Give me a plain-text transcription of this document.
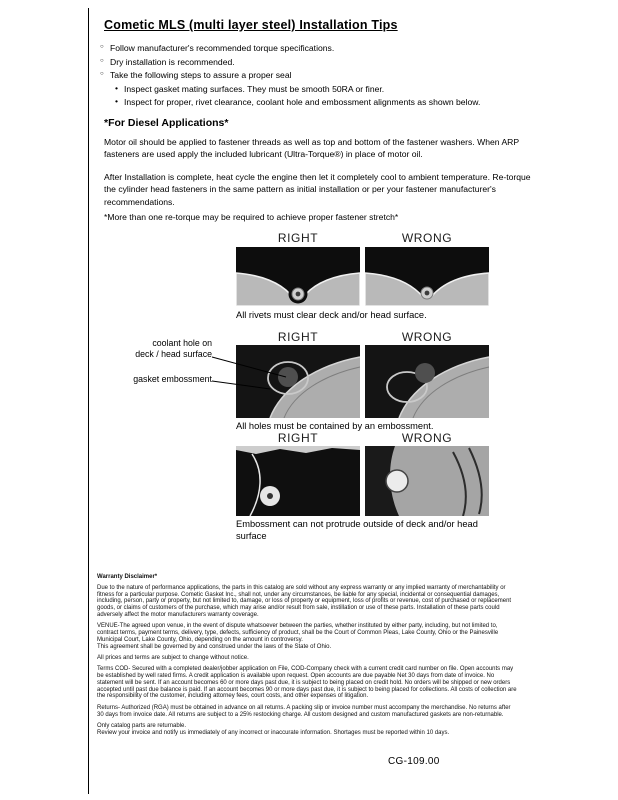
Cometic MLS (multi layer steel) Installation Tips
○ Follow manufacturer's recommended torque specifications.
○ Dry installation is recommended.
○ Take the following steps to assure a proper seal
• Inspect gasket mating surfaces. They must be smooth 50RA or finer.
• Inspect for proper, rivet clearance, coolant hole and embossment alignments as shown below.
*For Diesel Applications*
Motor oil should be applied to fastener threads as well as top and bottom of the fastener washers. When ARP fasteners are used apply the included lubricant (Ultra-Torque®) in place of motor oil.
After Installation is complete, heat cycle the engine then let it completely cool to ambient temperature. Re-torque the cylinder head fasteners in the same pattern as initial installation or per your fastener manufacturer's recommendations.
*More than one re-torque may be required to achieve proper fastener stretch*
RIGHT	WRONG
All rivets must clear deck and/or head surface.
RIGHT	WRONG
coolant hole on
deck / head surface
gasket embossment
All holes must be contained by an embossment.
RIGHT	WRONG
Embossment can not protrude outside of deck and/or head surface
Warranty Disclaimer*
Due to the nature of performance applications, the parts in this catalog are sold without any express warranty or any implied warranty of merchantability or fitness for a particular purpose. Cometic Gasket Inc., shall not, under any circumstances, be liable for any special, incidental or consequential damages, including, person, party or property, but not limited to, damage, or loss of property or equipment, loss of profits or revenue, cost of purchased or replacement goods, or claims of customers of the purchase, which may arise and/or result from sale, instillation or use of these parts. Installation of these parts could adversely affect the motor manufacturers warranty coverage.
VENUE-The agreed upon venue, in the event of dispute whatsoever between the parties, whether instituted by either party, including, but not limited to, contract terms, payment terms, delivery, type, defects, sufficiency of product, shall be the Court of Common Pleas, Lake County, Ohio or the Painesville Municipal Court, Lake County, Ohio, depending on the amount in controversy.
This agreement shall be governed by and construed under the laws of the State of Ohio.
All prices and terms are subject to change without notice.
Terms COD- Secured with a completed dealer/jobber application on File, COD-Company check with a current credit card number on file. Open accounts may be established by well rated firms. A credit application is available upon request. Open accounts are due payable Net 30 days from date of invoice. No statement will be sent. If an account becomes 60 or more days past due, it is subject to being placed on credit hold. No orders will be shipped or new orders accepted until past due balance is paid. If an account becomes 90 or more days past due, it is subject to being placed for collections. All costs of collection are the responsibility of the customer, including attorney fees, court costs, and other expenses of litigation.
Returns- Authorized (RGA) must be obtained in advance on all returns. A packing slip or invoice number must accompany the merchandise. No returns after 30 days from invoice date. All returns are subject to a 25% restocking charge. All custom designed and custom manufactured gaskets are non-returnable.
Only catalog parts are returnable.
Review your invoice and notify us immediately of any incorrect or inaccurate information. Shortages must be reported within 10 days.
CG-109.00
